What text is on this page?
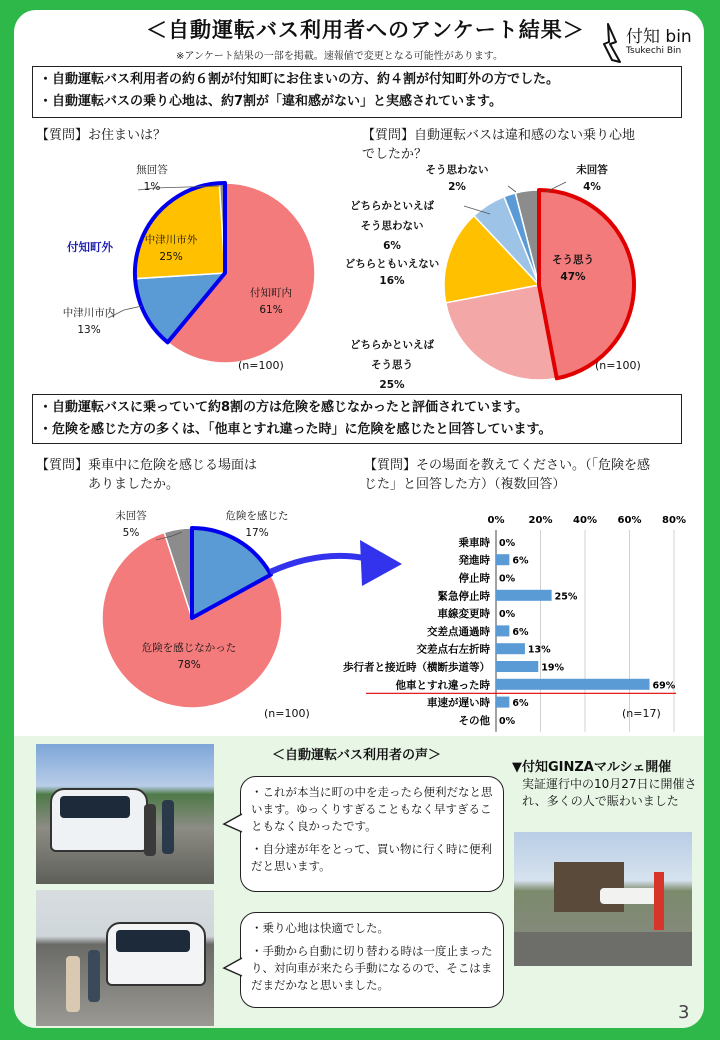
＜自動運転バス利用者へのアンケート結果＞
※アンケート結果の一部を掲載。速報値で変更となる可能性があります。
付知 bin
Tsukechi Bin
・自動運転バス利用者の約６割が付知町にお住まいの方、約４割が付知町外の方でした。
・自動運転バスの乗り心地は、約7割が「違和感がない」と実感されています。
【質問】お住まいは？
付知町内
61%
中津川市内
13%
中津川市外
25%
無回答
1%
付知町外
(n=100)
【質問】自動運転バスは違和感のない乗り心地
でしたか？
そう思う
47%
どちらかといえば
そう思う
25%
どちらともいえない
16%
どちらかといえば
そう思わない
6%
そう思わない
2%
未回答
4%
(n=100)
・自動運転バスに乗っていて約8割の方は危険を感じなかったと評価されています。
・危険を感じた方の多くは、「他車とすれ違った時」に危険を感じたと回答しています。
【質問】乗車中に危険を感じる場面は
ありましたか。
危険を感じた
17%
危険を感じなかった
78%
未回答
5%
(n=100)
【質問】その場面を教えてください。（「危険を感
じた」と回答した方）（複数回答）
0% 20% 40% 60% 80%
乗車時 0%
発進時 6%
停止時 0%
緊急停止時	25%
車線変更時 0%
交差点通過時 6%
交差点右左折時	13%
歩行者と接近時（横断歩道等）	19%
他車とすれ違った時	69%
車速が遅い時 6%
その他 0%
(n=17)
＜自動運転バス利用者の声＞
・これが本当に町の中を走ったら便利だなと思います。ゆっくりすぎることもなく早すぎることもなく良かったです。
・自分達が年をとって、買い物に行く時に便利だと思います。
・乗り心地は快適でした。
・手動から自動に切り替わる時は一度止まったり、対向車が来たら手動になるので、そこはまだまだかなと思いました。
▼付知GINZAマルシェ開催
実証運行中の10月27日に開催され、多くの人で賑わいました
3
